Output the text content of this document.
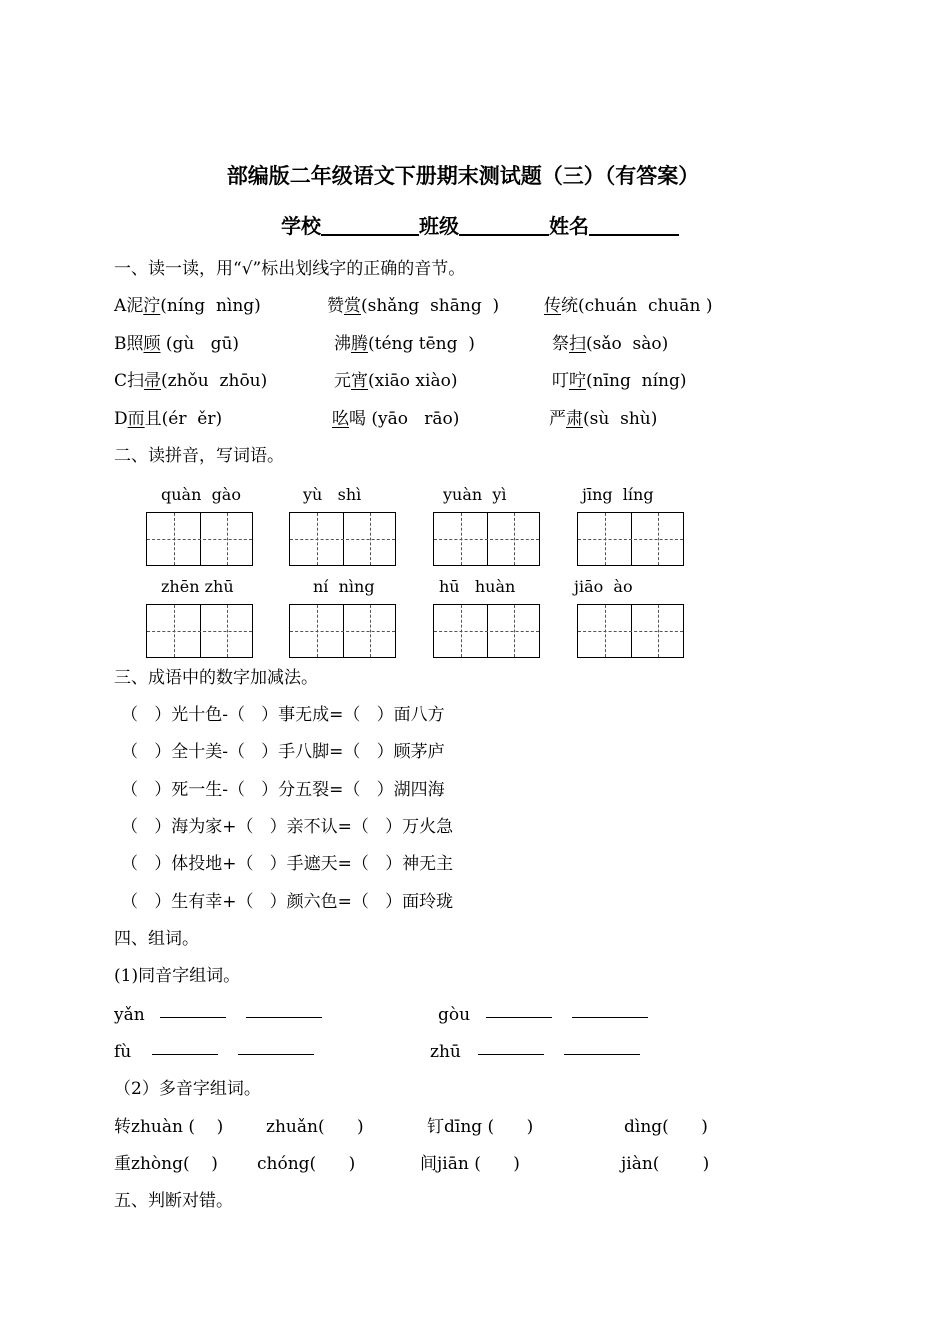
部编版二年级语文下册期末测试题（三）（有答案）
学校	班级	姓名
一、读一读，用“√”标出划线字的正确的音节。
A泥泞(níng  nìng)	赞赏(shǎng  shāng  )	传统(chuán  chuān )
B照顾 (gù   gū)	沸腾(téng tēng  )	祭扫(sǎo  sào)
C扫帚(zhǒu  zhōu)	元宵(xiāo xiào)	叮咛(nīng  níng)
D而且(ér  ěr)	吆喝 (yāo   rāo)	严肃(sù  shù)
二、读拼音，写词语。
quàn  gào	yù   shì	yuàn  yì	jīng  líng
zhēn zhū	ní  nìng	hū   huàn	jiāo  ào
三、成语中的数字加减法。
（   ）光十色-（   ）事无成=（   ）面八方
（   ）全十美-（   ）手八脚=（   ）顾茅庐
（   ）死一生-（   ）分五裂=（   ）湖四海
（   ）海为家+（   ）亲不认=（   ）万火急
（   ）体投地+（   ）手遮天=（   ）神无主
（   ）生有幸+（   ）颜六色=（   ）面玲珑
四、组词。
(1)同音字组词。
yǎn	gòu
fù	zhū
（2）多音字组词。
转zhuàn (    )	zhuǎn(      )	钉dīng (      )	dìng(      )
重zhòng(    ) chóng(      )	间jiān (      )	jiàn(        )
五、判断对错。
